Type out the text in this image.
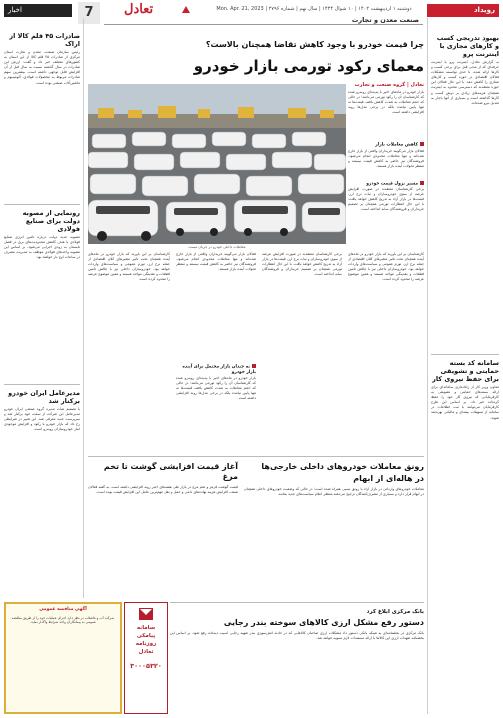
رویداد
اخبار	7	تعادل	دوشنبه ۱ اردیبهشت ۱۴۰۲ | ۱۰ شوال ۱۴۴۴ | سال نهم | شماره ۲۷۹۶ | Mon. Apr. 21, 2023
صنعت معدن و تجارت
بهبود تدریجی کسب و کارهای مجازی با اینترنت پرو
به گزارش تعادل، اینترنت پرو یا اینترنت حرفه‌ای که از مدتی قبل برای برخی کسب و کارها ارائه شده، تا حدی توانسته مشکلات فعالان اقتصادی در حوزه کسب و کارهای مجازی را کاهش دهد. با این حال فعالان این حوزه معتقدند که دسترسی محدود به اینترنت همچنان هزینه‌های زیادی بر دوش کسب و کارها گذاشته است و بسیاری از آنها ناچار به تعدیل نیرو شده‌اند.
سامانه کد بسته حمایتی و تشویقی برای حفظ نیروی کار
معاون وزیر کار از راه‌اندازی سامانه‌ای برای ارائه بسته‌های حمایتی و تشویقی به کارفرمایانی که نیروی کار خود را حفظ کرده‌اند خبر داد. بر اساس این طرح کارفرمایان می‌توانند با ثبت اطلاعات در سامانه از تسهیلات بیمه‌ای و مالیاتی بهره‌مند شوند.
صادرات ۴۵ قلم کالا از اراک
رئیس سازمان صنعت، معدن و تجارت استان مرکزی از صادرات ۴۵ قلم کالا از این استان به کشورهای مختلف خبر داد و گفت: ارزش این صادرات در سال گذشته نسبت به سال قبل از آن افزایش قابل توجهی داشته است. بیشترین سهم صادرات مربوط به محصولات فولادی، آلومینیوم و ماشین‌آلات صنعتی بوده است.
رونمایی از مصوبه دولت برای صنایع فولادی
مصوبه جدید دولت درباره تامین انرژی صنایع فولادی با هدف کاهش محدودیت‌های برق در فصل تابستان به زودی اجرایی می‌شود. بر اساس این مصوبه واحدهای فولادی موظف به مدیریت مصرف در ساعات اوج بار خواهند بود.
مدیرعامل ایران خودرو برکنار شد
با تصمیم هیات مدیره گروه صنعتی ایران خودرو مدیرعامل این شرکت از سمت خود برکنار شد و سرپرست جدید معرفی شد. این تغییر در شرایطی رخ داد که بازار خودرو با رکود و افزایش موجودی انبار خودروسازان روبه‌رو است.
چرا قیمت خودرو با وجود کاهش تقاضا همچنان بالاست؟
معمای رکود تورمی بازار خودرو
معاملات داخلی خودرو در جریان نیست
تعادل | گروه صنعت و تجارت
بازار خودرو در ماه‌های اخیر با پدیده‌ای روبه‌رو شده که کارشناسان آن را رکود تورمی می‌نامند؛ در حالی که حجم معاملات به شدت کاهش یافته، قیمت‌ها نه تنها پایین نیامده بلکه در برخی مدل‌ها روند افزایشی داشته است.
کاهش معاملات بازار
فعالان بازار می‌گویند خریداران واقعی از بازار خارج شده‌اند و تنها معاملات محدودی انجام می‌شود. فروشندگان نیز حاضر به کاهش قیمت نیستند و منتظر تحولات آینده بازار هستند.
مسیر نزول قیمت خودرو
برخی کارشناسان معتقدند در صورت افزایش عرضه از سوی خودروسازان و ثبات نرخ ارز، قیمت‌ها در بازار آزاد به تدریج کاهش خواهد یافت. با این حال انتظارات تورمی همچنان بر تصمیم خریداران و فروشندگان سایه انداخته است.
کارشناسان بر این باورند که بازار خودرو در ماه‌های آینده همچنان تحت تاثیر متغیرهای کلان اقتصادی از جمله نرخ ارز، تورم عمومی و سیاست‌های واردات خواهد بود. خودروسازان داخلی نیز با چالش تامین قطعات و نقدینگی مواجه هستند و همین موضوع عرضه را محدود کرده است.
برخی کارشناسان معتقدند در صورت افزایش عرضه از سوی خودروسازان و ثبات نرخ ارز، قیمت‌ها در بازار آزاد به تدریج کاهش خواهد یافت. با این حال انتظارات تورمی همچنان بر تصمیم خریداران و فروشندگان سایه انداخته است.
فعالان بازار می‌گویند خریداران واقعی از بازار خارج شده‌اند و تنها معاملات محدودی انجام می‌شود. فروشندگان نیز حاضر به کاهش قیمت نیستند و منتظر تحولات آینده بازار هستند.
نه چندان بازار محتمل برای آینده بازار خودرو
بازار خودرو در ماه‌های اخیر با پدیده‌ای روبه‌رو شده که کارشناسان آن را رکود تورمی می‌نامند؛ در حالی که حجم معاملات به شدت کاهش یافته، قیمت‌ها نه تنها پایین نیامده بلکه در برخی مدل‌ها روند افزایشی داشته است.
کارشناسان بر این باورند که بازار خودرو در ماه‌های آینده همچنان تحت تاثیر متغیرهای کلان اقتصادی از جمله نرخ ارز، تورم عمومی و سیاست‌های واردات خواهد بود. خودروسازان داخلی نیز با چالش تامین قطعات و نقدینگی مواجه هستند و همین موضوع عرضه را محدود کرده است.
آغاز قیمت افزایشی گوشت تا تخم مرغ
قیمت گوشت قرمز و تخم مرغ در بازار طی هفته‌های اخیر روند افزایشی داشته است. به گفته فعالان صنف، افزایش هزینه نهاده‌های دامی و حمل و نقل مهم‌ترین عامل این افزایش قیمت بوده است.
رونق معاملات خودروهای داخلی خارجی‌ها
در هاله‌ای از ابهام
معاملات خودروهای وارداتی در بازار آزاد با رونق نسبی همراه شده است؛ در حالی که وضعیت خودروهای داخلی همچنان در ابهام قرار دارد و بسیاری از مصرف‌کنندگان ترجیح می‌دهند منتظر اعلام سیاست‌های جدید بمانند.
بانک مرکزی ابلاغ کرد
دستور رفع مشکل ارزی کالاهای سوخته بندر رجایی
بانک مرکزی در بخشنامه‌ای به شبکه بانکی دستور داد مشکلات ارزی صاحبان کالاهایی که در حادثه آتش‌سوزی بندر شهید رجایی آسیب دیده‌اند رفع شود. بر اساس این بخشنامه تعهدات ارزی این کالاها با ارائه مستندات لازم تسویه خواهد شد.
آگهی مناقصه عمومی
شرکت آب و فاضلاب در نظر دارد اجرای عملیات خود را از طریق مناقصه عمومی به پیمانکاران واجد شرایط واگذار نماید.
سامانه پیامکی
روزنامه
تعادل
۳۰۰۰۵۳۲۰
